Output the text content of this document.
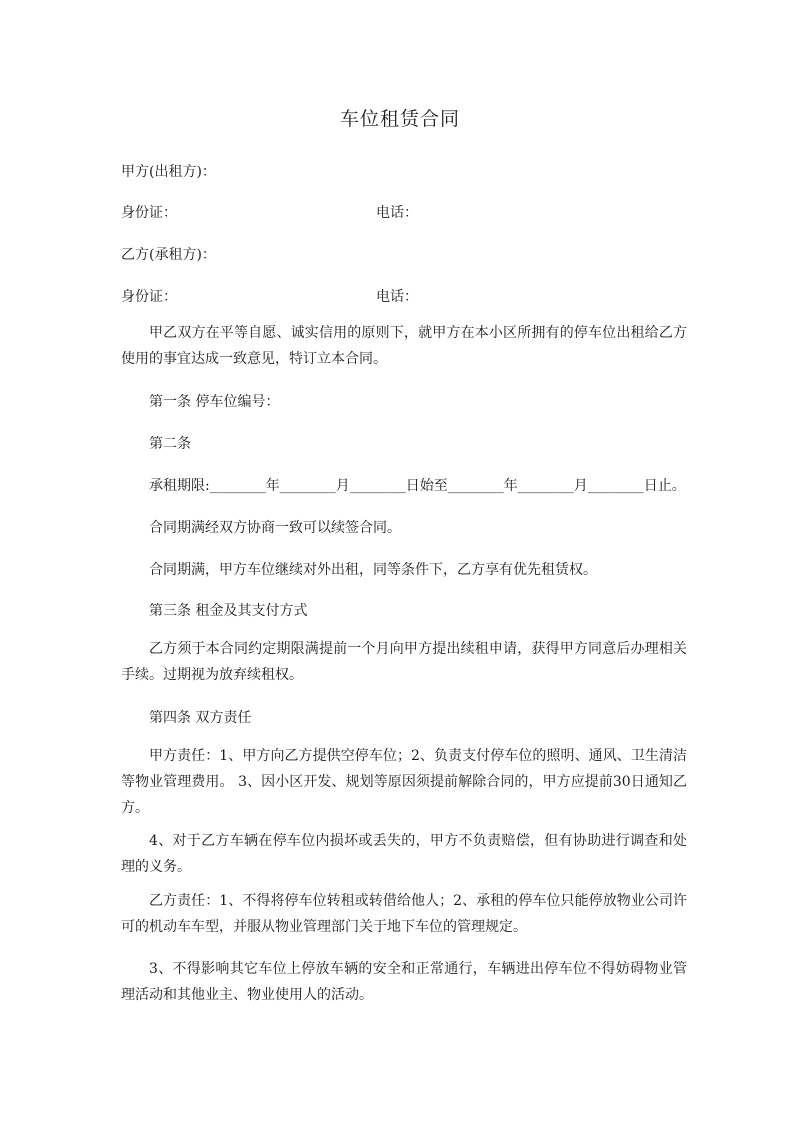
车位租赁合同
甲方(出租方)：
身份证：	电话：
乙方(承租方)：
身份证：	电话：
甲乙双方在平等自愿、诚实信用的原则下，就甲方在本小区所拥有的停车位出租给乙方使用的事宜达成一致意见，特订立本合同。
第一条 停车位编号：
第二条
承租期限:________年________月________日始至________年________月________日止。
合同期满经双方协商一致可以续签合同。
合同期满，甲方车位继续对外出租，同等条件下，乙方享有优先租赁权。
第三条 租金及其支付方式
乙方须于本合同约定期限满提前一个月向甲方提出续租申请，获得甲方同意后办理相关手续。过期视为放弃续租权。
第四条 双方责任
甲方责任：1、甲方向乙方提供空停车位；2、负责支付停车位的照明、通风、卫生清洁等物业管理费用。 3、因小区开发、规划等原因须提前解除合同的，甲方应提前30日通知乙方。
4、对于乙方车辆在停车位内损坏或丢失的，甲方不负责赔偿，但有协助进行调查和处理的义务。
乙方责任：1、不得将停车位转租或转借给他人；2、承租的停车位只能停放物业公司许可的机动车车型，并服从物业管理部门关于地下车位的管理规定。
3、不得影响其它车位上停放车辆的安全和正常通行，车辆进出停车位不得妨碍物业管理活动和其他业主、物业使用人的活动。
